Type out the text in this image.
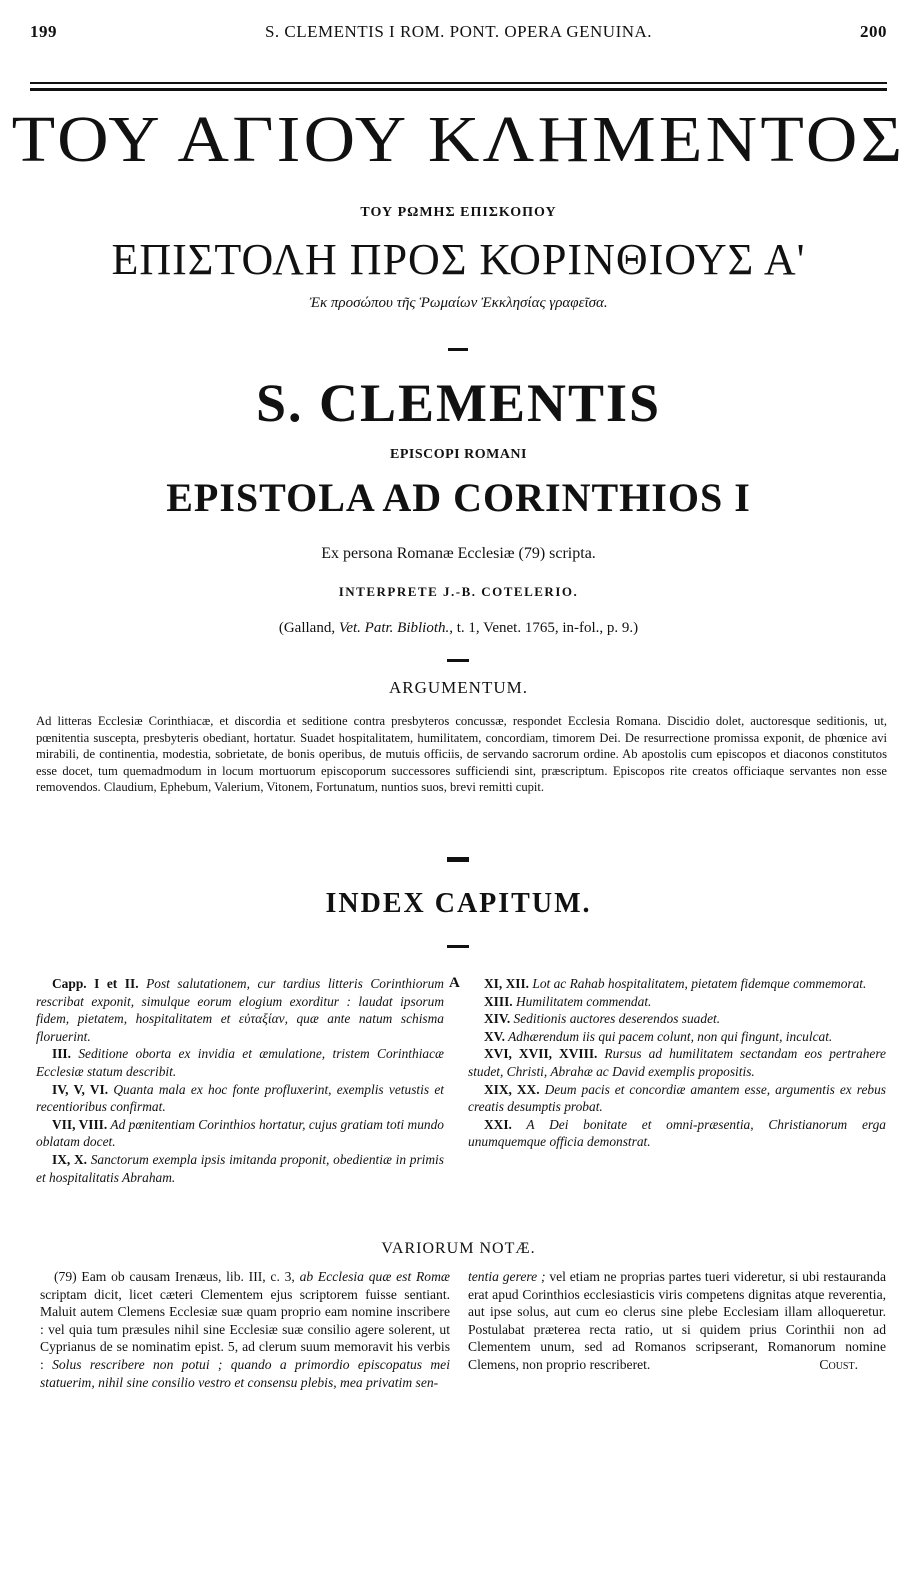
199	S. CLEMENTIS I ROM. PONT. OPERA GENUINA.	200
ΤΟΥ ΑΓΙΟΥ ΚΛΗΜΕΝΤΟΣ
ΤΟΥ ΡΩΜΗΣ ΕΠΙΣΚΟΠΟΥ
ΕΠΙΣΤΟΛΗ ΠΡΟΣ ΚΟΡΙΝΘΙΟΥΣ Α'
Ἐκ προσώπου τῆς Ῥωμαίων Ἐκκλησίας γραφεῖσα.
S. CLEMENTIS
EPISCOPI ROMANI
EPISTOLA AD CORINTHIOS I
Ex persona Romanæ Ecclesiæ (79) scripta.
INTERPRETE J.-B. COTELERIO.
(Galland, Vet. Patr. Biblioth., t. 1, Venet. 1765, in-fol., p. 9.)
ARGUMENTUM.
Ad litteras Ecclesiæ Corinthiacæ, et discordia et seditione contra presbyteros concussæ, respondet Ecclesia Romana. Discidio dolet, auctoresque seditionis, ut, pœnitentia suscepta, presbyteris obediant, hortatur. Suadet hospitalitatem, humilitatem, concordiam, timorem Dei. De resurrectione promissa exponit, de phœnice avi mirabili, de continentia, modestia, sobrietate, de bonis operibus, de mutuis officiis, de servando sacrorum ordine. Ab apostolis cum episcopos et diaconos constitutos esse docet, tum quemadmodum in locum mortuorum episcoporum successores sufficiendi sint, præscriptum. Episcopos rite creatos officiaque servantes non esse removendos. Claudium, Ephebum, Valerium, Vitonem, Fortunatum, nuntios suos, brevi remitti cupit.
INDEX CAPITUM.

Capp. I et II. Post salutationem, cur tardius litteris Corinthiorum rescribat exponit, simulque eorum elogium exorditur : laudat ipsorum fidem, pietatem, hospitalitatem et εὐταξίαν, quæ ante natum schisma floruerint.

III. Seditione oborta ex invidia et æmulatione, tristem Corinthiacæ Ecclesiæ statum describit.

IV, V, VI. Quanta mala ex hoc fonte profluxerint, exemplis vetustis et recentioribus confirmat.

VII, VIII. Ad pœnitentiam Corinthios hortatur, cujus gratiam toti mundo oblatam docet.

IX, X. Sanctorum exempla ipsis imitanda proponit, obedientiæ in primis et hospitalitatis Abraham.

A	XI, XII. Lot ac Rahab hospitalitatem, pietatem fidemque commemorat.

XIII. Humilitatem commendat.

XIV. Seditionis auctores deserendos suadet.

XV. Adhærendum iis qui pacem colunt, non qui fingunt, inculcat.

XVI, XVII, XVIII. Rursus ad humilitatem sectandam eos pertrahere studet, Christi, Abrahæ ac David exemplis propositis.

XIX, XX. Deum pacis et concordiæ amantem esse, argumentis ex rebus creatis desumptis probat.

XXI. A Dei bonitate et omni-præsentia, Christianorum erga unumquemque officia demonstrat.

VARIORUM NOTÆ.
(79) Eam ob causam Irenæus, lib. III, c. 3, ab Ecclesia quæ est Romæ scriptam dicit, licet cæteri Clementem ejus scriptorem fuisse sentiant. Maluit autem Clemens Ecclesiæ suæ quam proprio eam nomine inscribere : vel quia tum præsules nihil sine Ecclesiæ suæ consilio agere solerent, ut Cyprianus de se nominatim epist. 5, ad clerum suum memoravit his verbis : Solus rescribere non potui ; quando a primordio episcopatus mei statuerim, nihil sine consilio vestro et consensu plebis, mea privatim sen-
tentia gerere ; vel etiam ne proprias partes tueri videretur, si ubi restauranda erat apud Corinthios ecclesiasticis viris competens dignitas atque reverentia, aut ipse solus, aut cum eo clerus sine plebe Ecclesiam illam alloqueretur. Postulabat præterea recta ratio, ut si quidem prius Corinthii non ad Clementem unum, sed ad Romanos scripserant, Romanorum nomine Clemens, non proprio rescriberet.	Coust.
